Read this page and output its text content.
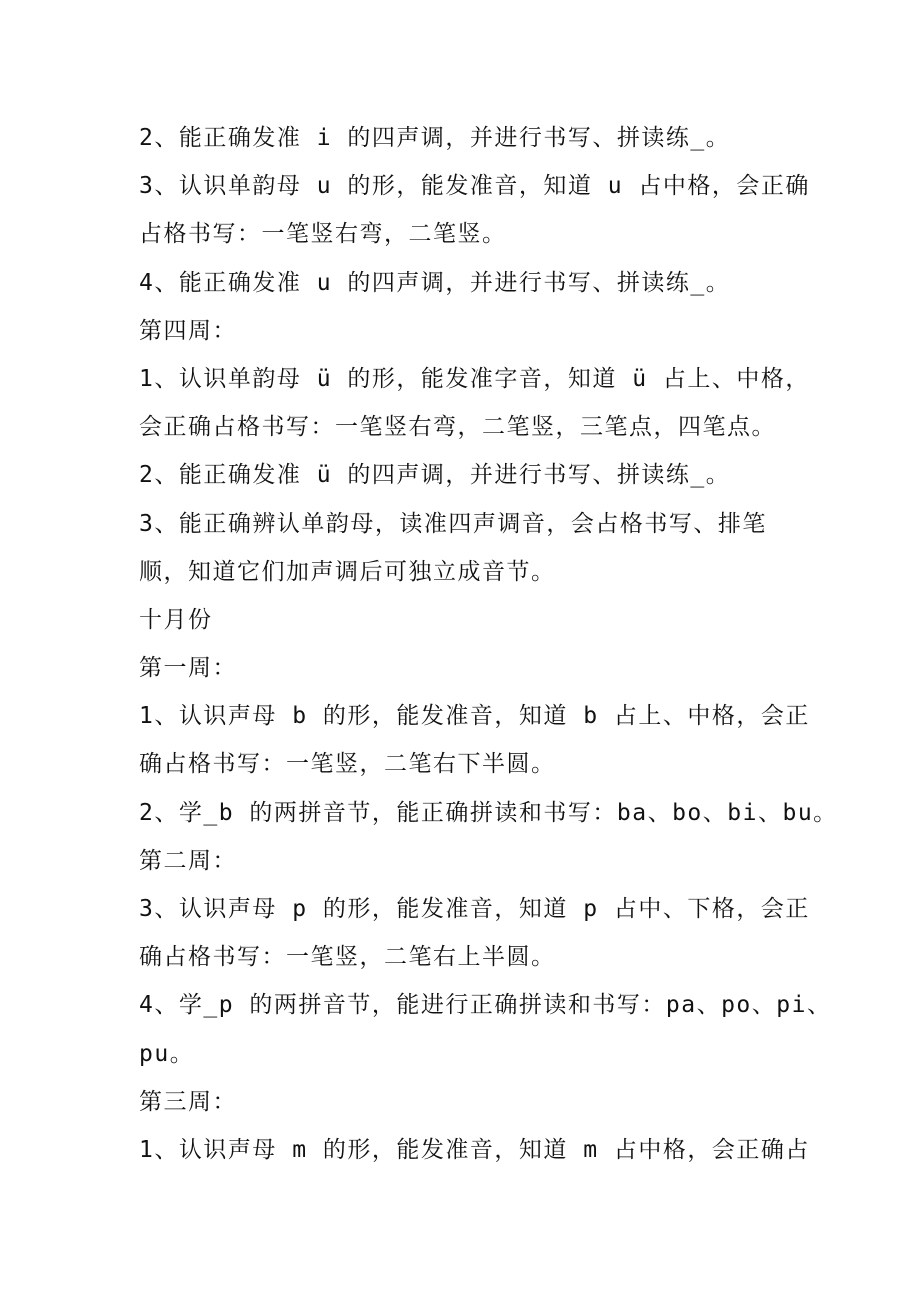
2、能正确发准 i 的四声调，并进行书写、拼读练_。
3、认识单韵母 u 的形，能发准音，知道 u 占中格，会正确
占格书写：一笔竖右弯，二笔竖。
4、能正确发准 u 的四声调，并进行书写、拼读练_。
第四周：
1、认识单韵母 ü 的形，能发准字音，知道 ü 占上、中格，
会正确占格书写：一笔竖右弯，二笔竖，三笔点，四笔点。
2、能正确发准 ü 的四声调，并进行书写、拼读练_。
3、能正确辨认单韵母，读准四声调音，会占格书写、排笔
顺，知道它们加声调后可独立成音节。
十月份
第一周：
1、认识声母 b 的形，能发准音，知道 b 占上、中格，会正
确占格书写：一笔竖，二笔右下半圆。
2、学_b 的两拼音节，能正确拼读和书写：ba、bo、bi、bu。
第二周：
3、认识声母 p 的形，能发准音，知道 p 占中、下格，会正
确占格书写：一笔竖，二笔右上半圆。
4、学_p 的两拼音节，能进行正确拼读和书写：pa、po、pi、
pu。
第三周：
1、认识声母 m 的形，能发准音，知道 m 占中格，会正确占
